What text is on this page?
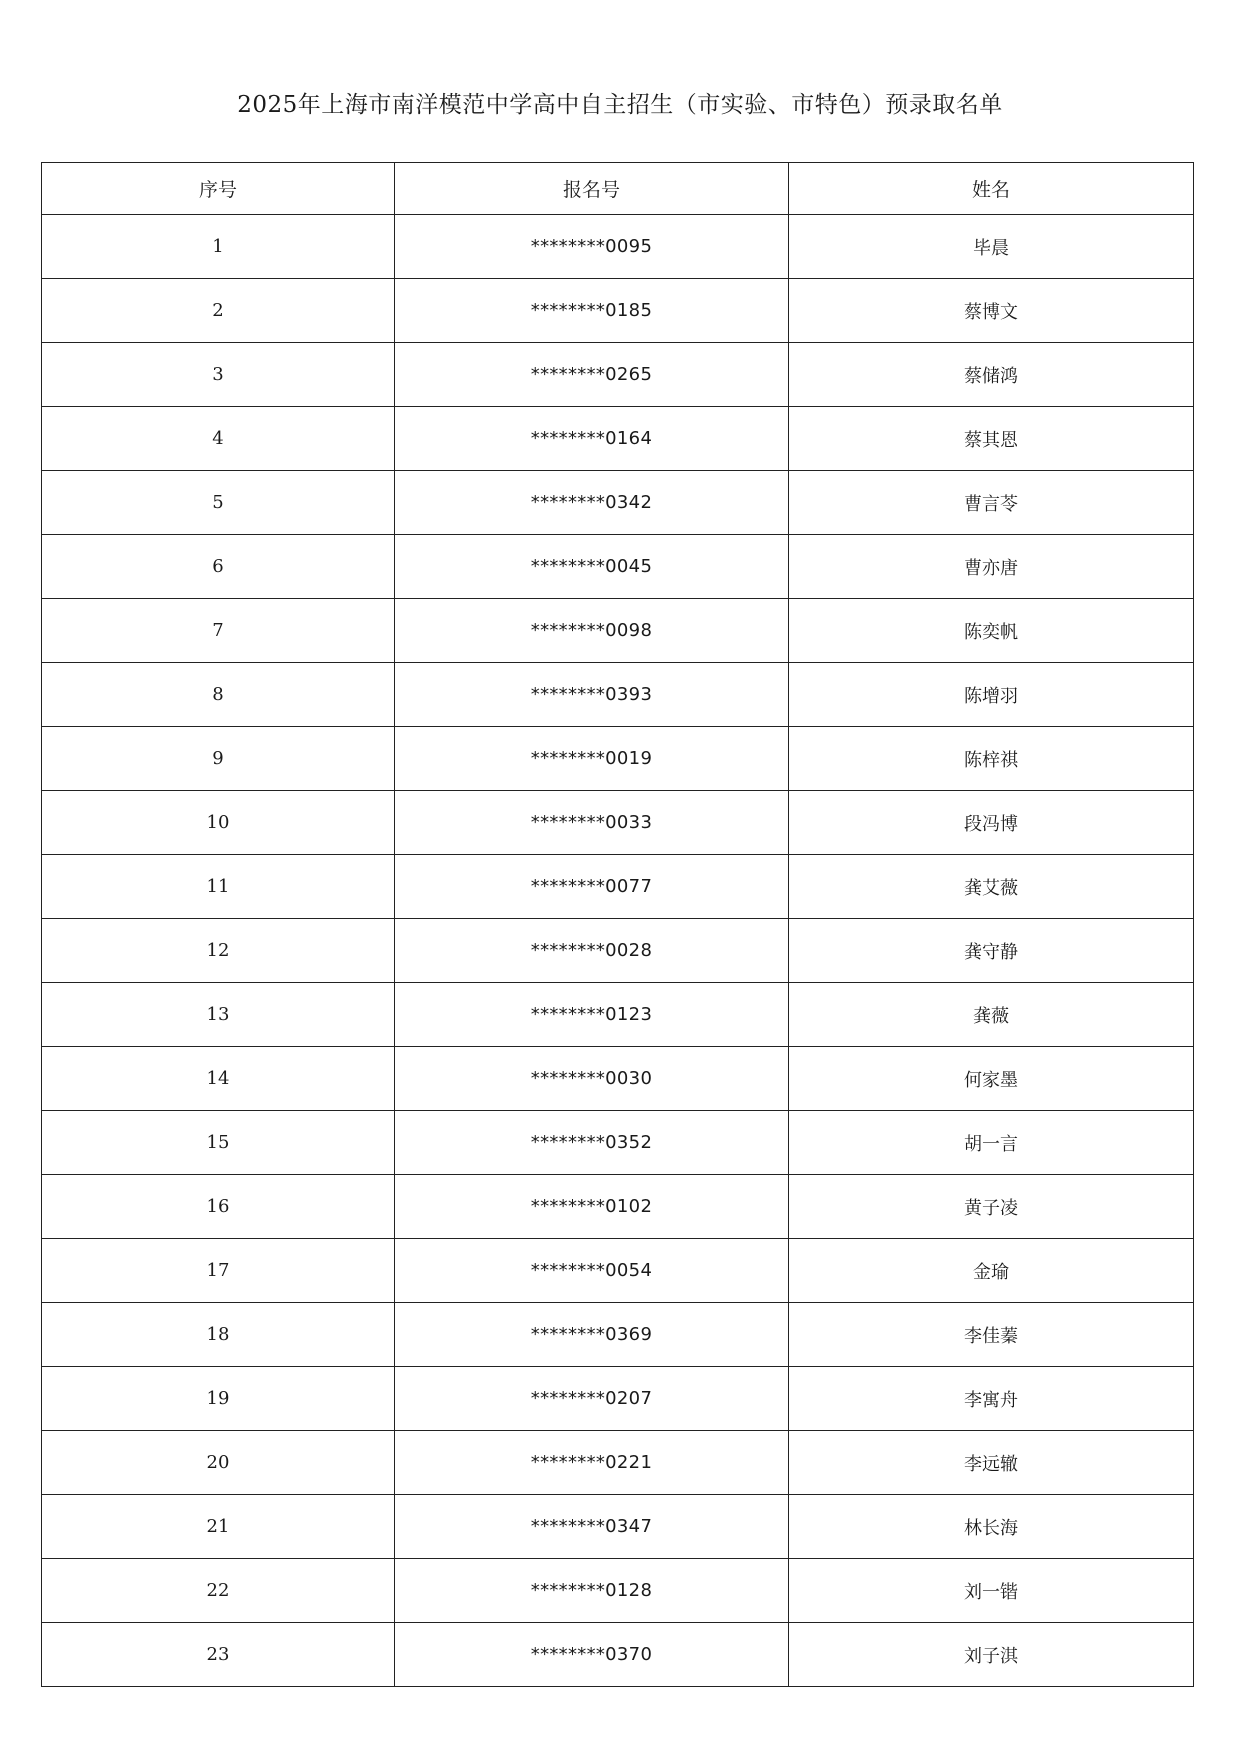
2025年上海市南洋模范中学高中自主招生（市实验、市特色）预录取名单
序号	报名号	姓名
1	********0095	毕晨
2	********0185	蔡博文
3	********0265	蔡储鸿
4	********0164	蔡其恩
5	********0342	曹言苓
6	********0045	曹亦唐
7	********0098	陈奕帆
8	********0393	陈增羽
9	********0019	陈梓祺
10	********0033	段冯博
11	********0077	龚艾薇
12	********0028	龚守静
13	********0123	龚薇
14	********0030	何家墨
15	********0352	胡一言
16	********0102	黄子凌
17	********0054	金瑜
18	********0369	李佳蓁
19	********0207	李寓舟
20	********0221	李远辙
21	********0347	林长海
22	********0128	刘一锴
23	********0370	刘子淇
